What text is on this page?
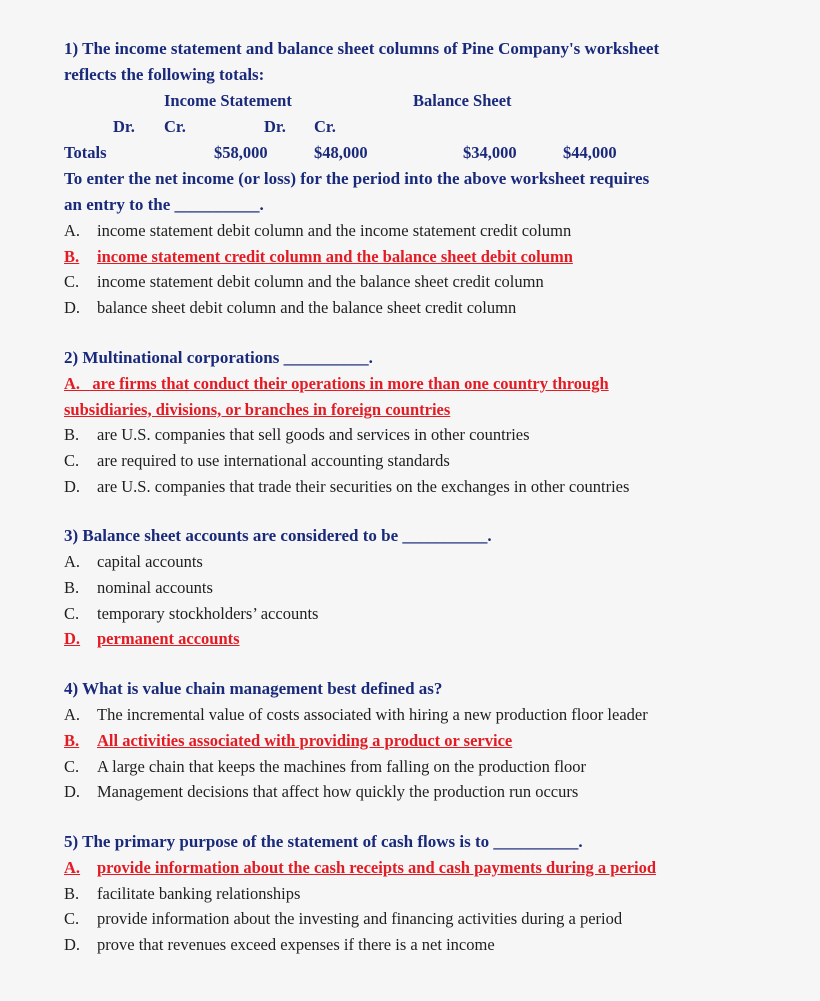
1) The income statement and balance sheet columns of Pine Company's worksheet
reflects the following totals:
Income Statement	Balance Sheet
Dr. Cr.	Dr. Cr.
Totals	$58,000	$48,000	$34,000	$44,000
To enter the net income (or loss) for the period into the above worksheet requires
an entry to the __________.
A.	income statement debit column and the income statement credit column
B.	income statement credit column and the balance sheet debit column
C.	income statement debit column and the balance sheet credit column
D.	balance sheet debit column and the balance sheet credit column
2) Multinational corporations __________.
A.   are firms that conduct their operations in more than one country through
subsidiaries, divisions, or branches in foreign countries
B.	are U.S. companies that sell goods and services in other countries
C.	are required to use international accounting standards
D.	are U.S. companies that trade their securities on the exchanges in other countries
3) Balance sheet accounts are considered to be __________.
A.	capital accounts
B.	nominal accounts
C.	temporary stockholders’ accounts
D.	permanent accounts
4) What is value chain management best defined as?
A.	The incremental value of costs associated with hiring a new production floor leader
B.	All activities associated with providing a product or service
C.	A large chain that keeps the machines from falling on the production floor
D.	Management decisions that affect how quickly the production run occurs
5) The primary purpose of the statement of cash flows is to __________.
A.	provide information about the cash receipts and cash payments during a period
B.	facilitate banking relationships
C.	provide information about the investing and financing activities during a period
D.	prove that revenues exceed expenses if there is a net income
